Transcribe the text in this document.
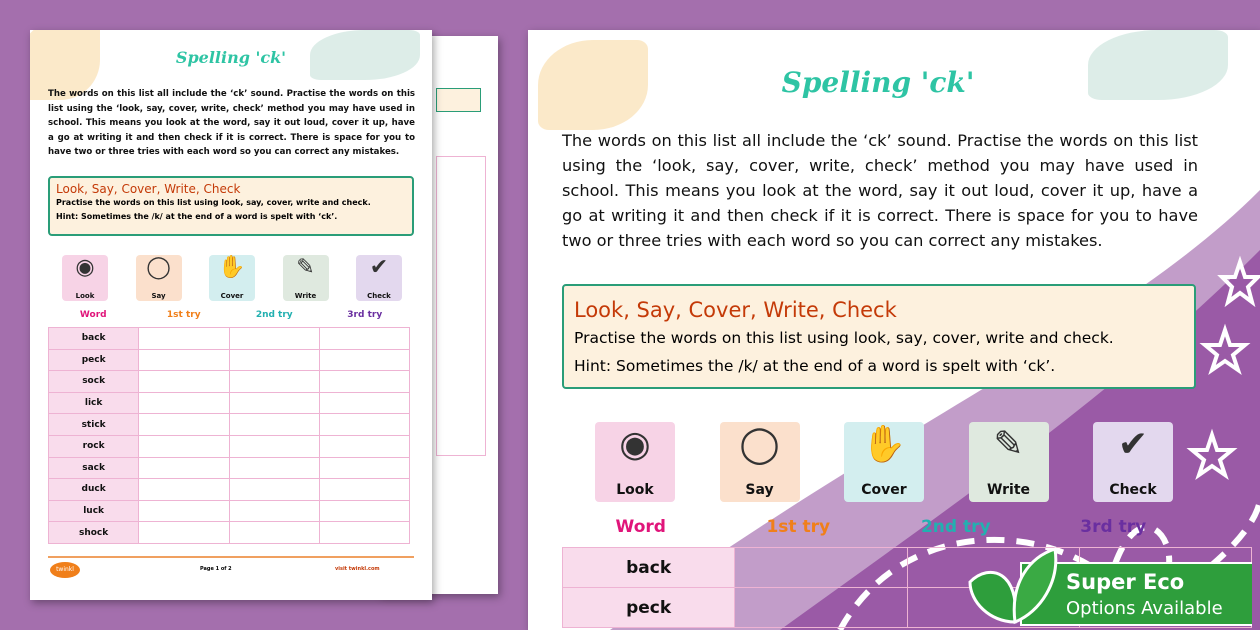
Spelling 'ck'
The words on this list all include the ‘ck’ sound. Practise the words on this list using the ‘look, say, cover, write, check’ method you may have used in school. This means you look at the word, say it out loud, cover it up, have a go at writing it and then check if it is correct. There is space for you to have two or three tries with each word so you can correct any mistakes.
Look, Say, Cover, Write, Check
Practise the words on this list using look, say, cover, write and check.
Hint: Sometimes the /k/ at the end of a word is spelt with ‘ck’.
◉
Look
◯
Say
✋
Cover
✎
Write
✔
Check
Word	1st try	2nd try	3rd try
back			
peck			
sock			
lick			
stick			
rock			
sack			
duck			
luck			
shock			
twinkl	Page 1 of 2	visit twinkl.com
Spelling 'ck'
The words on this list all include the ‘ck’ sound. Practise the words on this list using the ‘look, say, cover, write, check’ method you may have used in school. This means you look at the word, say it out loud, cover it up, have a go at writing it and then check if it is correct. There is space for you to have two or three tries with each word so you can correct any mistakes.
Look, Say, Cover, Write, Check
Practise the words on this list using look, say, cover, write and check.
Hint: Sometimes the /k/ at the end of a word is spelt with ‘ck’.
◉
Look
◯
Say
✋
Cover
✎
Write
✔
Check
Word	1st try	2nd try	3rd try
back			
peck			
Super Eco
Options Available
